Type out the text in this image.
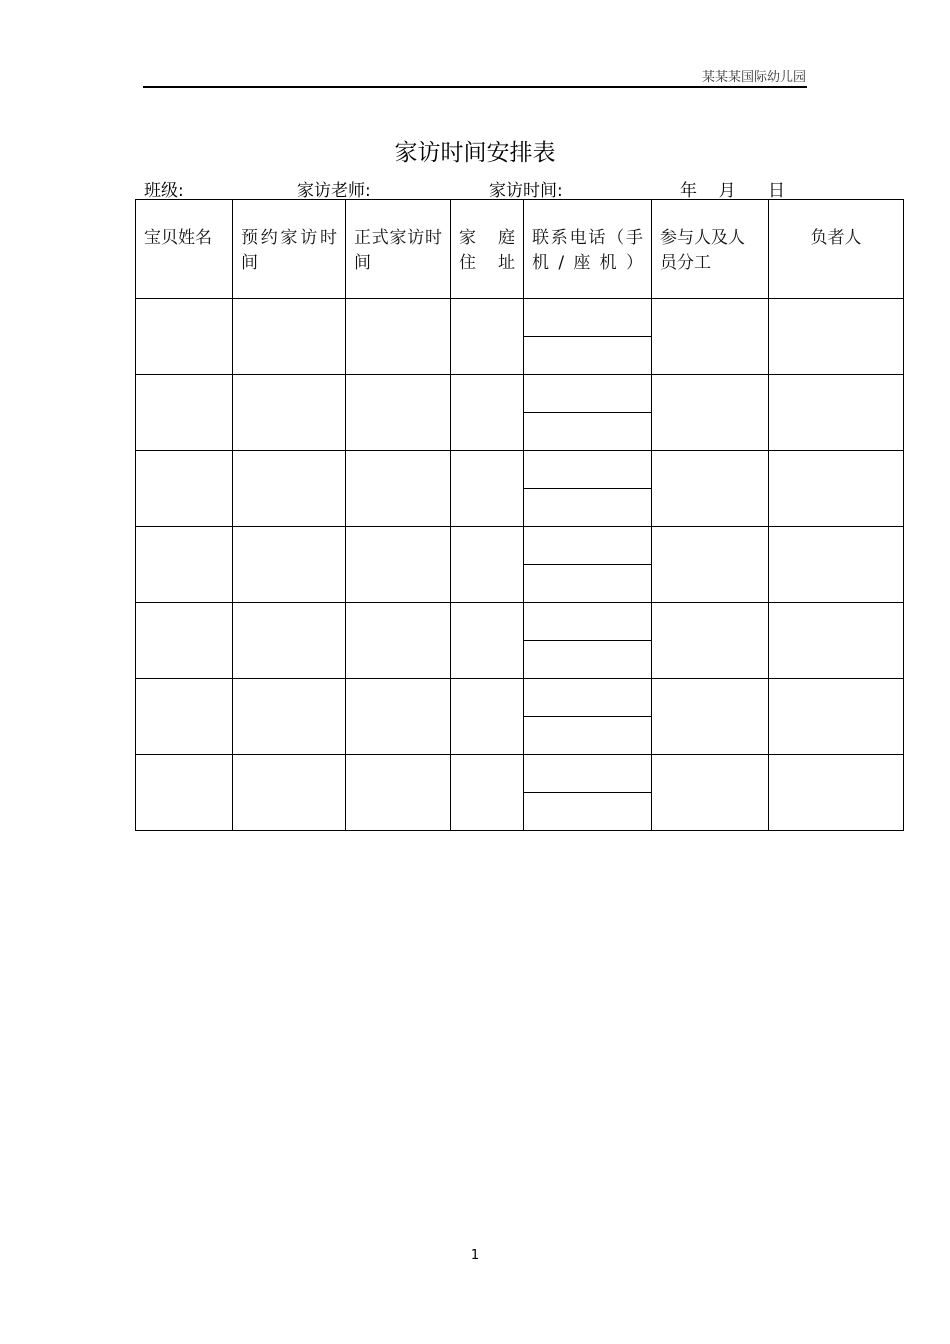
某某某国际幼儿园
家访时间安排表
班级:	家访老师:	家访时间:	年    月      日
宝贝姓名	预约家访时间	正式家访时间	家 庭住址	联系电话（手机/座机）	参与人及人员分工	负者人

1
